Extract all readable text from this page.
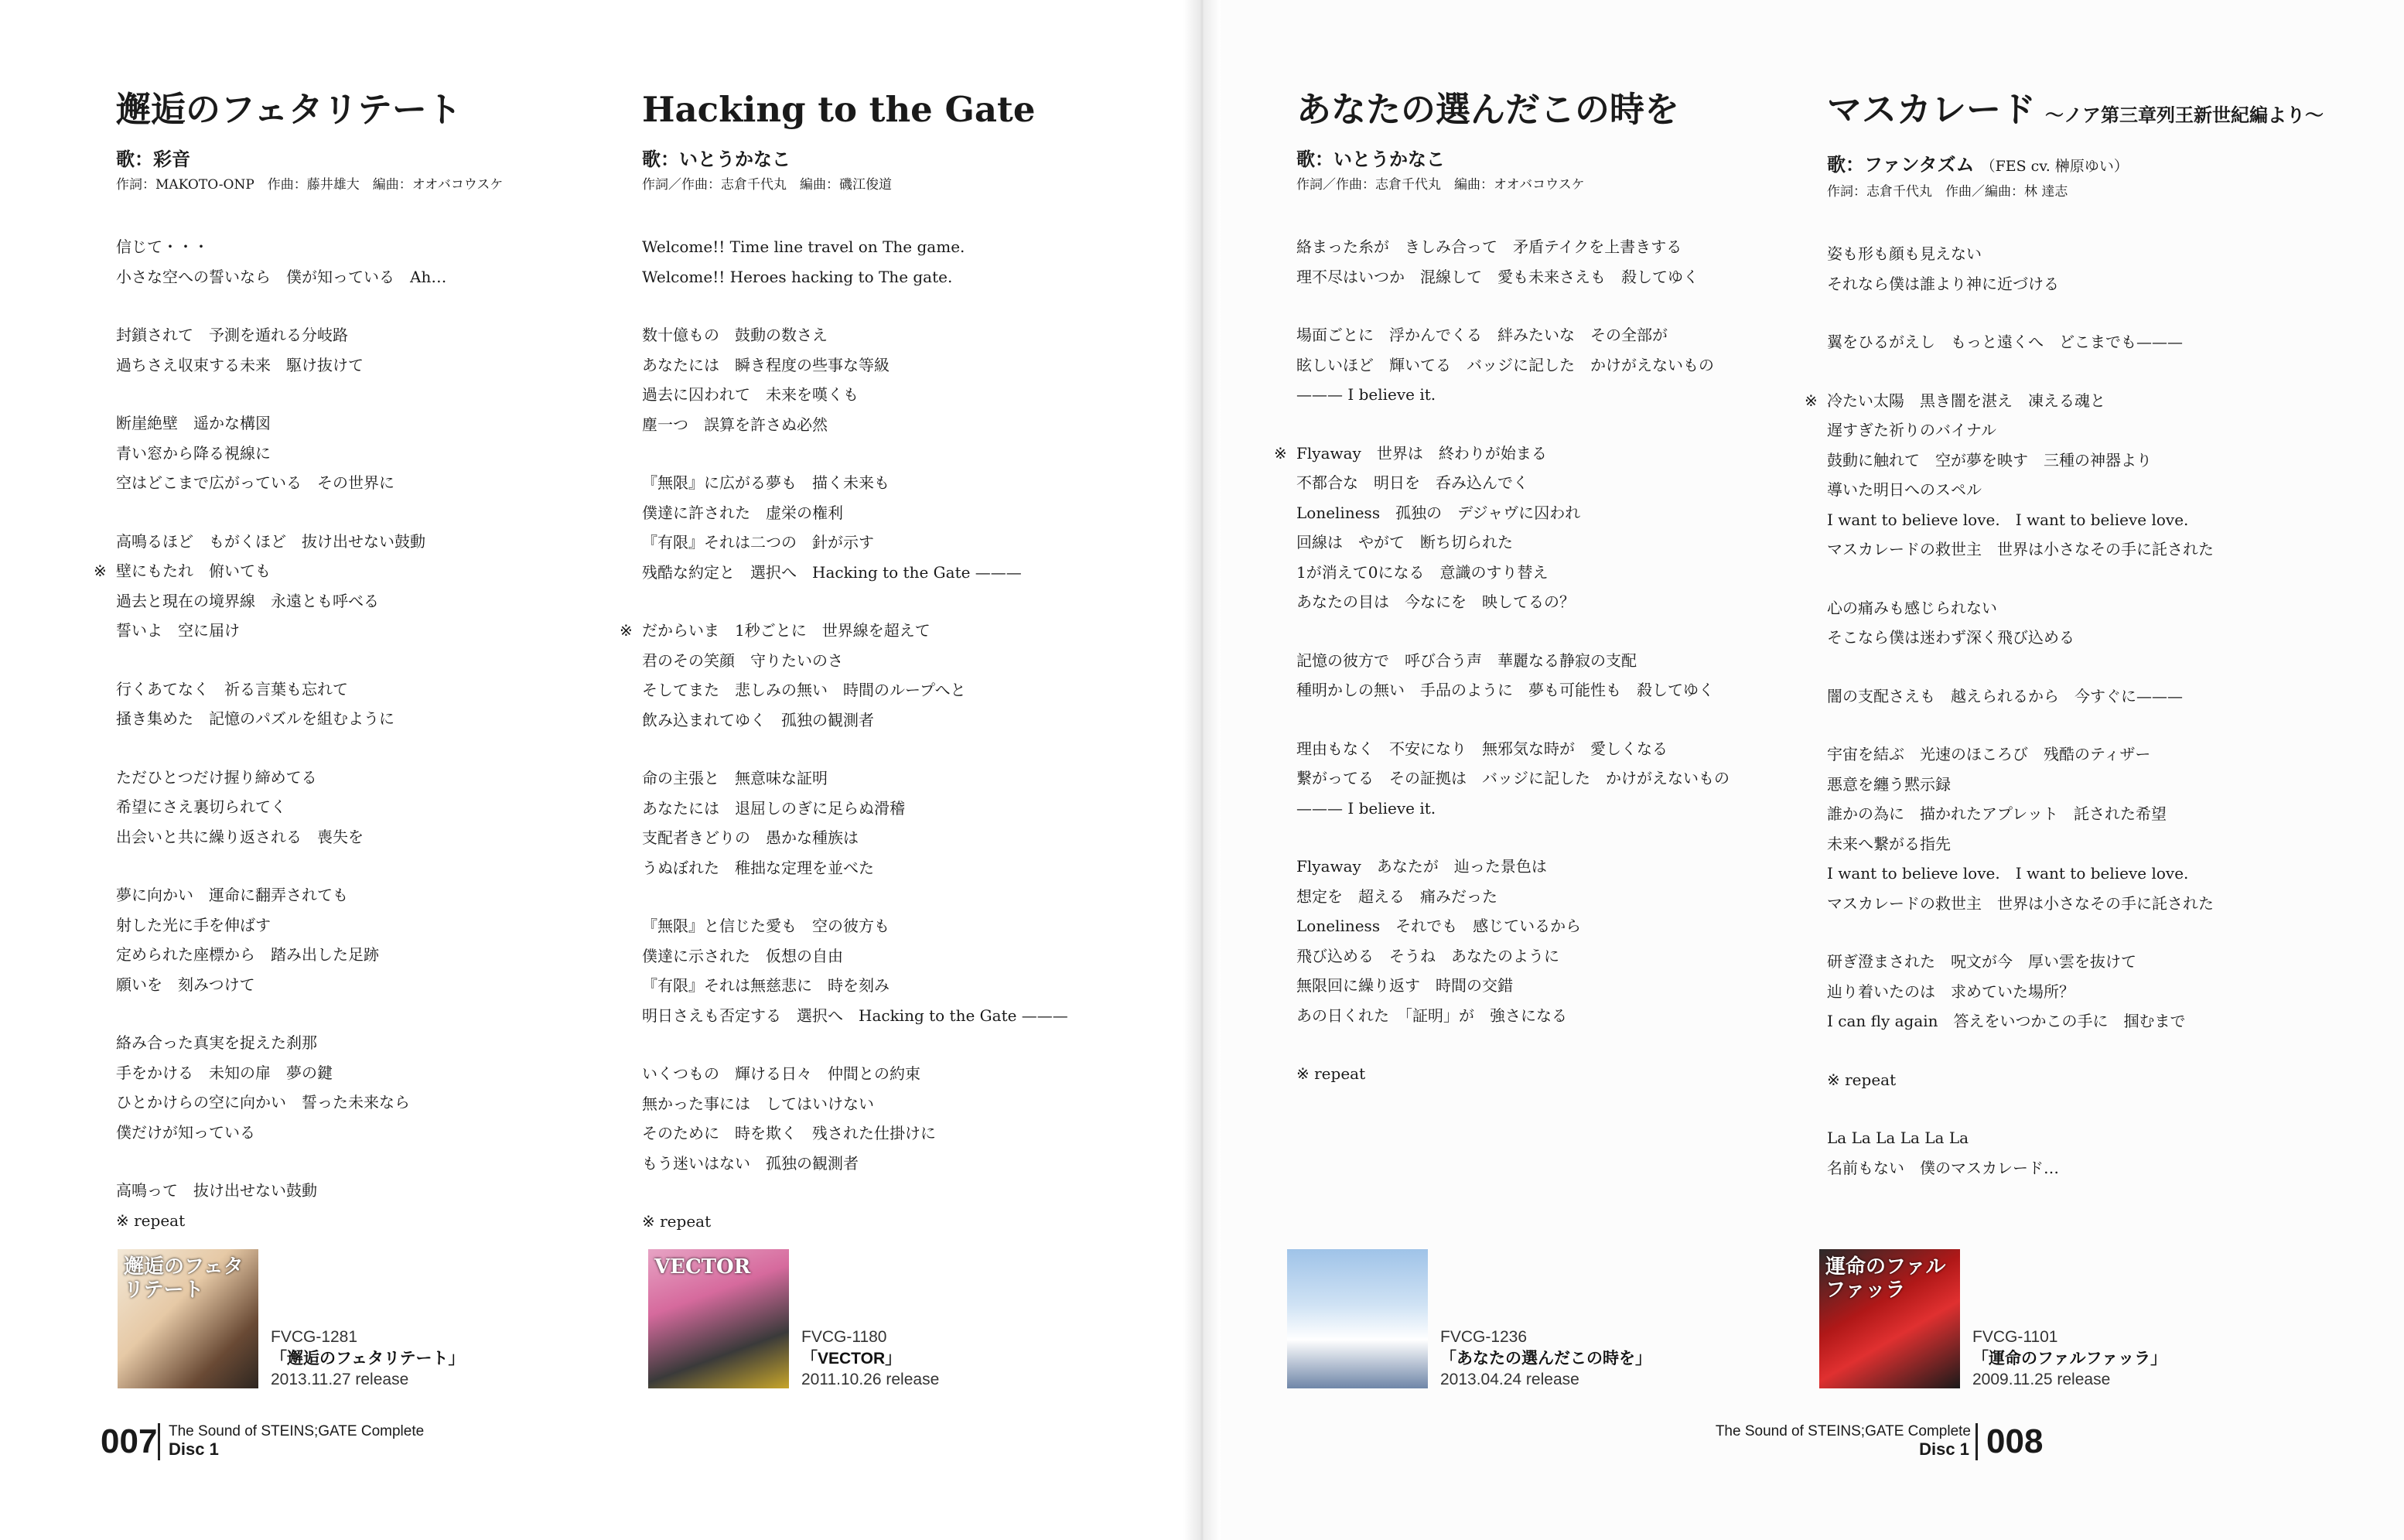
邂逅のフェタリテート
歌：彩音
作詞：MAKOTO-ONP　作曲：藤井雄大　編曲：オオバコウスケ
信じて・・・
小さな空への誓いなら　僕が知っている　Ah…
封鎖されて　予測を遁れる分岐路
過ちさえ収束する未来　駆け抜けて
断崖絶壁　遥かな構図
青い窓から降る視線に
空はどこまで広がっている　その世界に
高鳴るほど　もがくほど　抜け出せない鼓動
※ 壁にもたれ　俯いても
過去と現在の境界線　永遠とも呼べる
誓いよ　空に届け
行くあてなく　祈る言葉も忘れて
掻き集めた　記憶のパズルを組むように
ただひとつだけ握り締めてる
希望にさえ裏切られてく
出会いと共に繰り返される　喪失を
夢に向かい　運命に翻弄されても
射した光に手を伸ばす
定められた座標から　踏み出した足跡
願いを　刻みつけて
絡み合った真実を捉えた刹那
手をかける　未知の扉　夢の鍵
ひとかけらの空に向かい　誓った未来なら
僕だけが知っている
高鳴って　抜け出せない鼓動
※ repeat
Hacking to the Gate
歌：いとうかなこ
作詞／作曲：志倉千代丸　編曲：磯江俊道
Welcome!! Time line travel on The game.
Welcome!! Heroes hacking to The gate.
数十億もの　鼓動の数さえ
あなたには　瞬き程度の些事な等級
過去に囚われて　未来を嘆くも
塵一つ　誤算を許さぬ必然
『無限』に広がる夢も　描く未来も
僕達に許された　虚栄の権利
『有限』それは二つの　針が示す
残酷な約定と　選択へ　Hacking to the Gate ———
※ だからいま　1秒ごとに　世界線を超えて
君のその笑顔　守りたいのさ
そしてまた　悲しみの無い　時間のループへと
飲み込まれてゆく　孤独の観測者
命の主張と　無意味な証明
あなたには　退屈しのぎに足らぬ滑稽
支配者きどりの　愚かな種族は
うぬぼれた　稚拙な定理を並べた
『無限』と信じた愛も　空の彼方も
僕達に示された　仮想の自由
『有限』それは無慈悲に　時を刻み
明日さえも否定する　選択へ　Hacking to the Gate ———
いくつもの　輝ける日々　仲間との約束
無かった事には　してはいけない
そのために　時を欺く　残された仕掛けに
もう迷いはない　孤独の観測者
※ repeat
あなたの選んだこの時を
歌：いとうかなこ
作詞／作曲：志倉千代丸　編曲：オオバコウスケ
絡まった糸が　きしみ合って　矛盾テイクを上書きする
理不尽はいつか　混線して　愛も未来さえも　殺してゆく
場面ごとに　浮かんでくる　絆みたいな　その全部が
眩しいほど　輝いてる　バッジに記した　かけがえないもの
——— I believe it.
※ Flyaway　世界は　終わりが始まる
不都合な　明日を　呑み込んでく
Loneliness　孤独の　デジャヴに囚われ
回線は　やがて　断ち切られた
1が消えて0になる　意識のすり替え
あなたの目は　今なにを　映してるの？
記憶の彼方で　呼び合う声　華麗なる静寂の支配
種明かしの無い　手品のように　夢も可能性も　殺してゆく
理由もなく　不安になり　無邪気な時が　愛しくなる
繋がってる　その証拠は　バッジに記した　かけがえないもの
——— I believe it.
Flyaway　あなたが　辿った景色は
想定を　超える　痛みだった
Loneliness　それでも　感じているから
飛び込める　そうね　あなたのように
無限回に繰り返す　時間の交錯
あの日くれた　「証明」が　強さになる
※ repeat
マスカレード ～ノア第三章列王新世紀編より～
歌：ファンタズム （FES cv. 榊原ゆい）
作詞：志倉千代丸　作曲／編曲：林 達志
姿も形も顔も見えない
それなら僕は誰より神に近づける
翼をひるがえし　もっと遠くへ　どこまでも———
※ 冷たい太陽　黒き闇を湛え　凍える魂と
遅すぎた祈りのバイナル
鼓動に触れて　空が夢を映す　三種の神器より
導いた明日へのスペル
I want to believe love.　I want to believe love.
マスカレードの救世主　世界は小さなその手に託された
心の痛みも感じられない
そこなら僕は迷わず深く飛び込める
闇の支配さえも　越えられるから　今すぐに———
宇宙を結ぶ　光速のほころび　残酷のティザー
悪意を纏う黙示録
誰かの為に　描かれたアプレット　託された希望
未来へ繋がる指先
I want to believe love.　I want to believe love.
マスカレードの救世主　世界は小さなその手に託された
研ぎ澄まされた　呪文が今　厚い雲を抜けて
辿り着いたのは　求めていた場所？
I can fly again　答えをいつかこの手に　掴むまで
※ repeat
La La La La La La
名前もない　僕のマスカレード…
邂逅のフェタリテート
FVCG-1281
「邂逅のフェタリテート」
2013.11.27 release
VECTOR
FVCG-1180
「VECTOR」
2011.10.26 release
FVCG-1236
「あなたの選んだこの時を」
2013.04.24 release
運命のファルファッラ
FVCG-1101
「運命のファルファッラ」
2009.11.25 release
007 The Sound of STEINS;GATE Complete
Disc 1
The Sound of STEINS;GATE Complete
Disc 1 008
